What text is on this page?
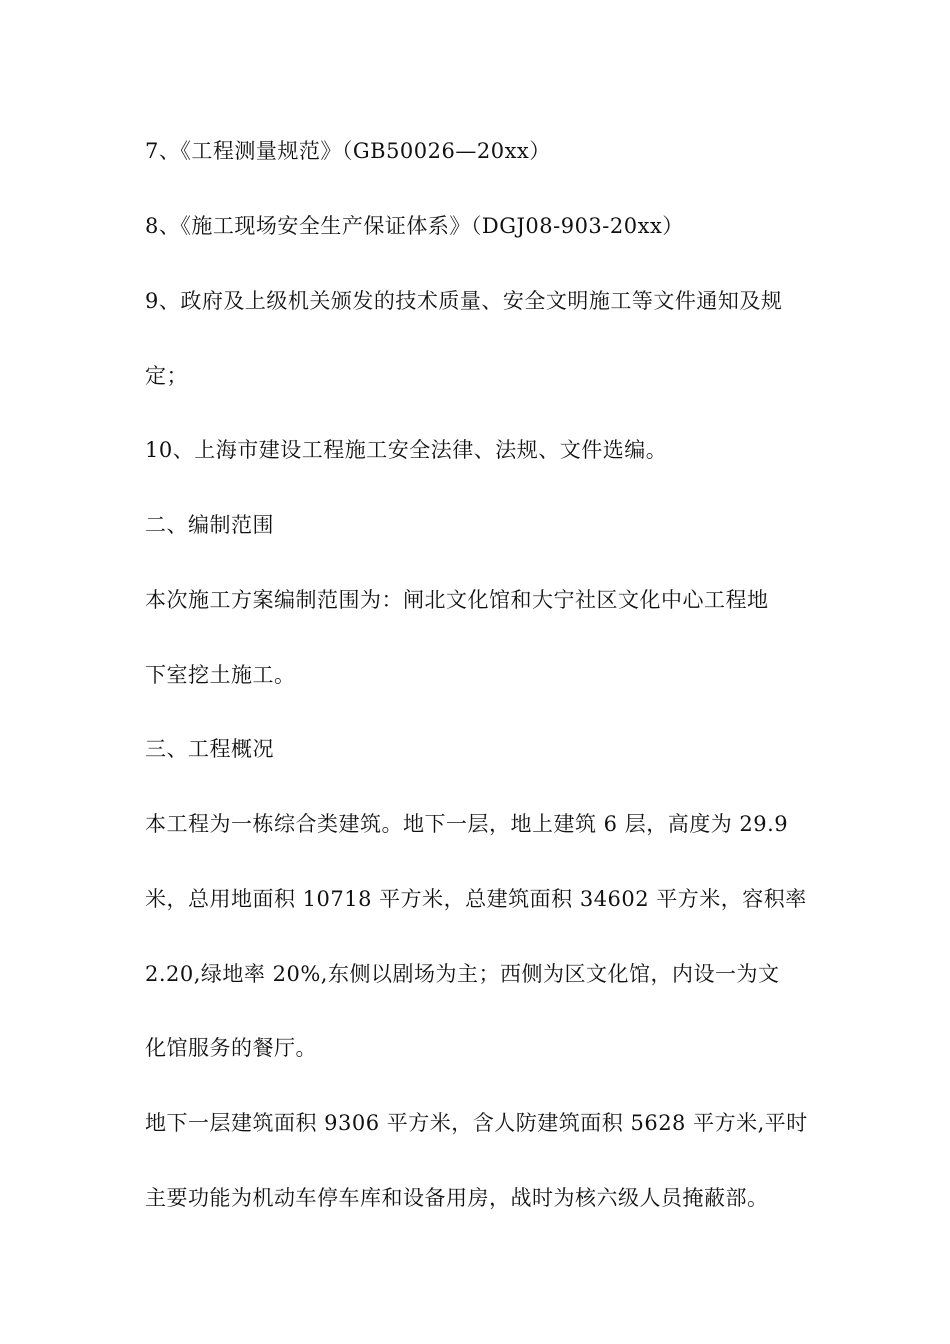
7、《工程测量规范》（GB50026—20xx）
8、《施工现场安全生产保证体系》（DGJ08-903-20xx）
9、政府及上级机关颁发的技术质量、安全文明施工等文件通知及规
定；
10、上海市建设工程施工安全法律、法规、文件选编。
二、编制范围
本次施工方案编制范围为：闸北文化馆和大宁社区文化中心工程地
下室挖土施工。
三、工程概况
本工程为一栋综合类建筑。地下一层，地上建筑 6 层，高度为 29.9
米，总用地面积 10718 平方米，总建筑面积 34602 平方米，容积率
2.20,绿地率 20%,东侧以剧场为主；西侧为区文化馆，内设一为文
化馆服务的餐厅。
地下一层建筑面积 9306 平方米，含人防建筑面积 5628 平方米,平时
主要功能为机动车停车库和设备用房，战时为核六级人员掩蔽部。
